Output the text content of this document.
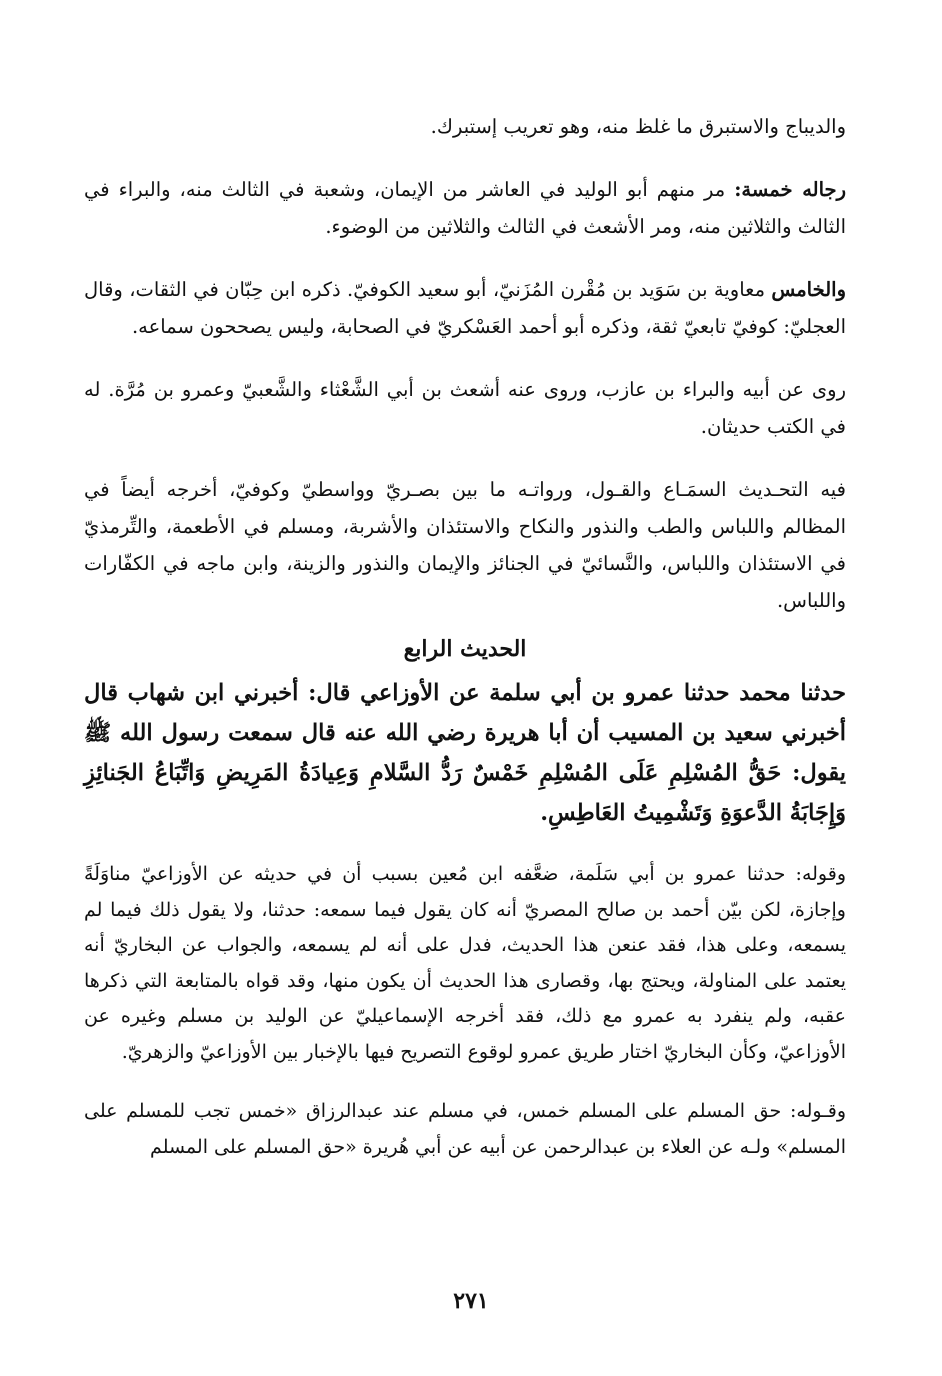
والديباج والاستبرق ما غلظ منه، وهو تعريب إستبرك.

رجاله خمسة: مر منهم أبو الوليد في العاشر من الإيمان، وشعبة في الثالث منه، والبراء في الثالث والثلاثين منه، ومر الأشعث في الثالث والثلاثين من الوضوء.

والخامس معاوية بن سَوَيد بن مُقْرن المُزَنيّ، أبو سعيد الكوفيّ. ذكره ابن حِبّان في الثقات، وقال العجليّ: كوفيّ تابعيّ ثقة، وذكره أبو أحمد العَسْكريّ في الصحابة، وليس يصححون سماعه.

روى عن أبيه والبراء بن عازب، وروى عنه أشعث بن أبي الشَّعْثاء والشَّعبيّ وعمرو بن مُرَّة. له في الكتب حديثان.

فيه التحـديث السمَـاع والقـول، ورواتـه ما بين بصـريّ وواسطيّ وكوفيّ، أخرجه أيضاً في المظالم واللباس والطب والنذور والنكاح والاستئذان والأشربة، ومسلم في الأطعمة، والتِّرمذيّ في الاستئذان واللباس، والنَّسائيّ في الجنائز والإيمان والنذور والزينة، وابن ماجه في الكفّارات واللباس.

الحديث الرابع

حدثنا محمد حدثنا عمرو بن أبي سلمة عن الأوزاعي قال: أخبرني ابن شهاب قال أخبرني سعيد بن المسيب أن أبا هريرة رضي الله عنه قال سمعت رسول الله ﷺ يقول: حَقُّ المُسْلِمِ عَلَى المُسْلِمِ خَمْسٌ رَدُّ السَّلامِ وَعِيادَةُ المَرِيضِ وَاتِّبَاعُ الجَنائِزِ وَإِجَابَةُ الدَّعوَةِ وَتَشْمِيتُ العَاطِسِ.

وقوله: حدثنا عمرو بن أبي سَلَمة، ضعَّفه ابن مُعين بسبب أن في حديثه عن الأوزاعيّ مناوَلَةً وإجازة، لكن بيّن أحمد بن صالح المصريّ أنه كان يقول فيما سمعه: حدثنا، ولا يقول ذلك فيما لم يسمعه، وعلى هذا، فقد عنعن هذا الحديث، فدل على أنه لم يسمعه، والجواب عن البخاريّ أنه يعتمد على المناولة، ويحتج بها، وقصارى هذا الحديث أن يكون منها، وقد قواه بالمتابعة التي ذكرها عقبه، ولم ينفرد به عمرو مع ذلك، فقد أخرجه الإسماعيليّ عن الوليد بن مسلم وغيره عن الأوزاعيّ، وكأن البخاريّ اختار طريق عمرو لوقوع التصريح فيها بالإخبار بين الأوزاعيّ والزهريّ.

وقـوله: حق المسلم على المسلم خمس، في مسلم عند عبدالرزاق «خمس تجب للمسلم على المسلم» ولـه عن العلاء بن عبدالرحمن عن أبيه عن أبي هُريرة «حق المسلم على المسلم

٢٧١
